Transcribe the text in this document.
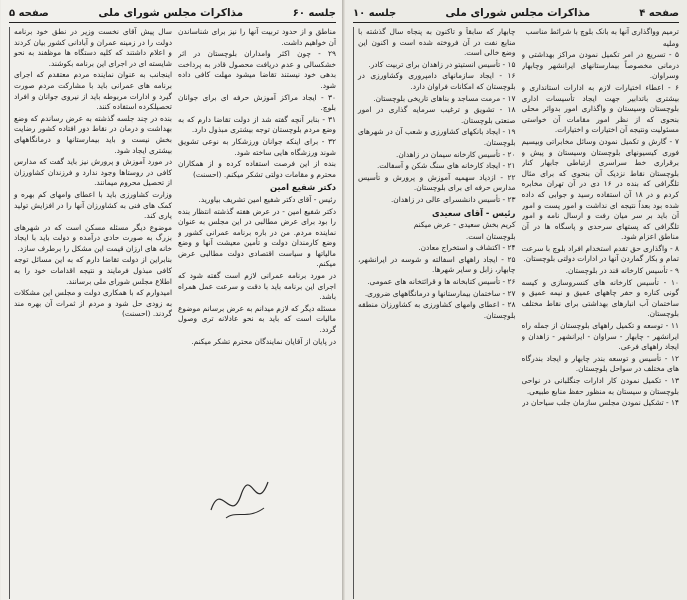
صفحه ۴
مذاکرات مجلس شورای ملی
جلسه ۱۰

ترمیم وواگذاری آنها به بانک بلوچ با شرائط مناسب

وملیه

۵ - تسریع در امر تکمیل نمودن مراکز بهداشتی و درمانی مخصوصاً بیمارستانهای ایرانشهر وچابهار وسراوان.

۶ - اعطاء اختیارات لازم به ادارات استانداری و بیشتری باتدابیر جهت ایجاد تأسیسات اداری بلوچستان وسیستان و واگذاری امور بدوائر محلی بنحوی که از نظر امور مقامات آن خواستی مسئولیت ونتیجه آن اختیارات و اختیارات.

۷ - گارش و تکمیل نمودن وسائل مخابراتی وبیسیم فوری کیسیونهای بلوچستان وسیستان و پیش و برقراری خط سراسری ارتباطی جابهار کنار بلوچستان نقاط نزدیک آن بنحوی که برای مثال تلگرافی که بنده در ۱۶ دی در آن تهران مخابره کردم و در ۱۸ آن استفاده رسید و جوابی که داده شده بود بعداً نتیجه ای نداشت و امور پست و امور آن باید بر سر میان رفت و ارسال نامه و امور تلگرافی که پستهای سرحدی و پاسگاه ها در آن مناطق اعزام شود.

۸ - واگذاری حق تقدم استخدام افراد بلوچ با سرعت تمام و بکار گماردن آنها در ادارات دولتی بلوچستان.

۹ - تأسیس کارخانه قند در بلوچستان.

۱۰ - تأسیس کارخانه های کنسروسازی و کیسه گونی کناره و حفر چاههای عمیق و نیمه عمیق و ساختمان آب انبارهای بهداشتی برای نقاط مختلف بلوچستان.

۱۱ - توسعه و تکمیل راههای بلوچستان از جمله راه ایرانشهر - چابهار - سراوان - ایرانشهر - زاهدان و ایجاد راههای فرعی.

۱۲ - تأسیس و توسعه بندر چابهار و ایجاد بندرگاه های مختلف در سواحل بلوچستان.

۱۳ - تکمیل نمودن کار ادارات جنگلبانی در نواحی بلوچستان و سیستان به منظور حفظ منابع طبیعی.

۱۴ - تشکیل نمودن مجلس سازمان جلب سیاحان در

چابهار که سابقاً و تاکنون به پنجاه سال گذشته با منابع نفت در آن فروخته شده است و اکنون این وضع خالی است.

۱۵ - تأسیس انستیتو در زاهدان برای تربیت کادر.

۱۶ - ایجاد سازمانهای دامپروری وکشاورزی در بلوچستان که امکانات فراوان دارد.

۱۷ - مرمت مساجد و بناهای تاریخی بلوچستان.

۱۸ - تشویق و ترغیب سرمایه گذاری در امور صنعتی بلوچستان.

۱۹ - ایجاد بانکهای کشاورزی و شعب آن در شهرهای بلوچستان.

۲۰ - تأسیس کارخانه سیمان در زاهدان.

۲۱ - ایجاد کارخانه های سنگ شکن و آسفالت.

۲۲ - ازدیاد سهمیه آموزش و پرورش و تأسیس مدارس حرفه ای برای بلوچستان.

۲۳ - تأسیس دانشسرای عالی در زاهدان.

رئیس - آقای سعیدی

کریم بخش سعیدی - عرض میکنم

بلوچستان است.

۲۴ - اکتشاف و استخراج معادن.

۲۵ - ایجاد راههای اسفالته و شوسه در ایرانشهر، چابهار، زابل و سایر شهرها.

۲۶ - تأسیس کتابخانه ها و قرائتخانه های عمومی.

۲۷ - ساختمان بیمارستانها و درمانگاههای ضروری.

۲۸ - اعطای وامهای کشاورزی به کشاورزان منطقه بلوچستان.

جلسه ۶۰
مذاکرات مجلس شورای ملی
صفحه ۵

مناطق و از حدود تربیت آنها را نیز برای شناساندن آن خواهیم داشت.

۲۹ - چون اکثر وامداران بلوچستان در اثر خشکسالی و عدم دریافت محصول قادر به پرداخت بدهی خود نیستند تقاضا میشود مهلت کافی داده شود.

۳۰ - ایجاد مراکز آموزش حرفه ای برای جوانان بلوچ.

۳۱ - بنابر آنچه گفته شد از دولت تقاضا دارم که به وضع مردم بلوچستان توجه بیشتری مبذول دارد.

۳۲ - برای اینکه جوانان ورزشکار به نوعی تشویق شوند ورزشگاه هایی ساخته شود.

بنده از این فرصت استفاده کرده و از همکاران محترم و مقامات دولتی تشکر میکنم. (احسنت)

دکتر شفیع امین

رئیس - آقای دکتر شفیع امین تشریف بیاورید.

دکتر شفیع امین - در عرض هفته گذشته انتظار بنده را بود برای عرض مطالبی در این مجلس به عنوان نماینده مردم. من در باره برنامه عمرانی کشور و وضع کارمندان دولت و تأمین معیشت آنها و وضع مالیاتها و سیاست اقتصادی دولت مطالبی عرض میکنم.

در مورد برنامه عمرانی لازم است گفته شود که اجرای این برنامه باید با دقت و سرعت عمل همراه باشد.

مسئله دیگر که لازم میدانم به عرض برسانم موضوع مالیات است که باید به نحو عادلانه تری وصول گردد.

در پایان از آقایان نمایندگان محترم تشکر میکنم.

سال پیش آقای نخست وزیر در نطق خود برنامه دولت را در زمینه عمران و آبادانی کشور بیان کردند و اعلام داشتند که کلیه دستگاه ها موظفند به نحو شایسته ای در اجرای این برنامه بکوشند.

اینجانب به عنوان نماینده مردم معتقدم که اجرای برنامه های عمرانی باید با مشارکت مردم صورت گیرد و ادارات مربوطه باید از نیروی جوانان و افراد تحصیلکرده استفاده کنند.

بنده در چند جلسه گذشته به عرض رساندم که وضع بهداشت و درمان در نقاط دور افتاده کشور رضایت بخش نیست و باید بیمارستانها و درمانگاههای بیشتری ایجاد شود.

در مورد آموزش و پرورش نیز باید گفت که مدارس کافی در روستاها وجود ندارد و فرزندان کشاورزان از تحصیل محروم میمانند.

وزارت کشاورزی باید با اعطای وامهای کم بهره و کمک های فنی به کشاورزان آنها را در افزایش تولید یاری کند.

موضوع دیگر مسئله مسکن است که در شهرهای بزرگ به صورت حادی درآمده و دولت باید با ایجاد خانه های ارزان قیمت این مشکل را برطرف سازد.

بنابراین از دولت تقاضا دارم که به این مسائل توجه کافی مبذول فرمایند و نتیجه اقدامات خود را به اطلاع مجلس شورای ملی برسانند.

امیدوارم که با همکاری دولت و مجلس این مشکلات به زودی حل شود و مردم از ثمرات آن بهره مند گردند. (احسنت)
